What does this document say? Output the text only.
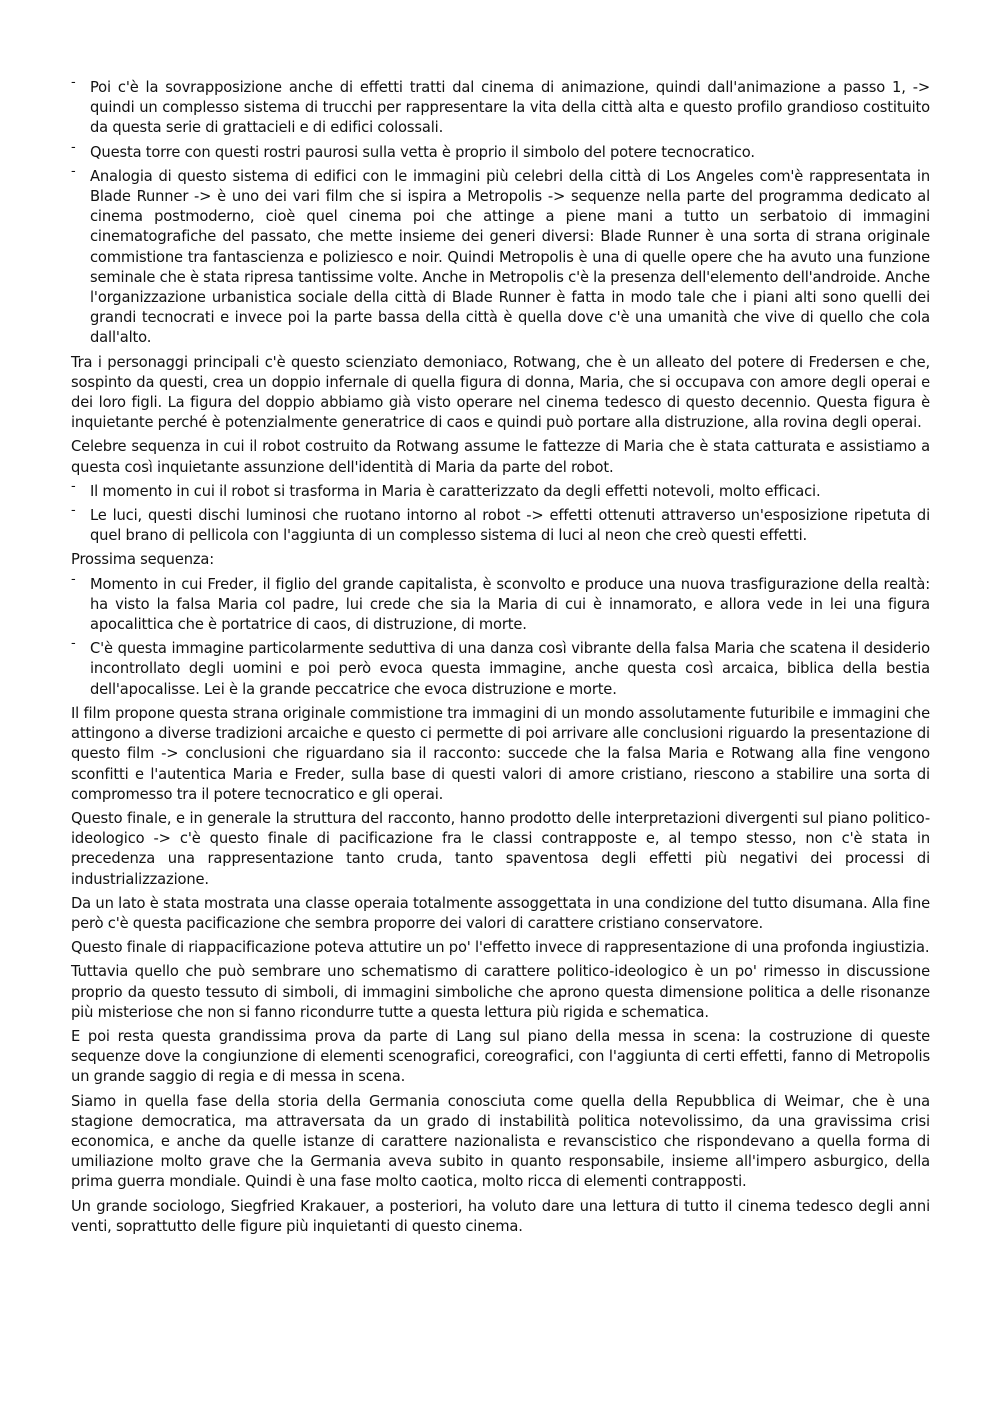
- Poi c'è la sovrapposizione anche di effetti tratti dal cinema di animazione, quindi dall'animazione a passo 1, -> quindi un complesso sistema di trucchi per rappresentare la vita della città alta e questo profilo grandioso costituito da questa serie di grattacieli e di edifici colossali.
- Questa torre con questi rostri paurosi sulla vetta è proprio il simbolo del potere tecnocratico.
- Analogia di questo sistema di edifici con le immagini più celebri della città di Los Angeles com'è rappresentata in Blade Runner -> è uno dei vari film che si ispira a Metropolis -> sequenze nella parte del programma dedicato al cinema postmoderno, cioè quel cinema poi che attinge a piene mani a tutto un serbatoio di immagini cinematografiche del passato, che mette insieme dei generi diversi: Blade Runner è una sorta di strana originale commistione tra fantascienza e poliziesco e noir. Quindi Metropolis è una di quelle opere che ha avuto una funzione seminale che è stata ripresa tantissime volte. Anche in Metropolis c'è la presenza dell'elemento dell'androide. Anche l'organizzazione urbanistica sociale della città di Blade Runner è fatta in modo tale che i piani alti sono quelli dei grandi tecnocrati e invece poi la parte bassa della città è quella dove c'è una umanità che vive di quello che cola dall'alto.

Tra i personaggi principali c'è questo scienziato demoniaco, Rotwang, che è un alleato del potere di Fredersen e che, sospinto da questi, crea un doppio infernale di quella figura di donna, Maria, che si occupava con amore degli operai e dei loro figli. La figura del doppio abbiamo già visto operare nel cinema tedesco di questo decennio. Questa figura è inquietante perché è potenzialmente generatrice di caos e quindi può portare alla distruzione, alla rovina degli operai.

Celebre sequenza in cui il robot costruito da Rotwang assume le fattezze di Maria che è stata catturata e assistiamo a questa così inquietante assunzione dell'identità di Maria da parte del robot.

- Il momento in cui il robot si trasforma in Maria è caratterizzato da degli effetti notevoli, molto efficaci.
- Le luci, questi dischi luminosi che ruotano intorno al robot -> effetti ottenuti attraverso un'esposizione ripetuta di quel brano di pellicola con l'aggiunta di un complesso sistema di luci al neon che creò questi effetti.

Prossima sequenza:

- Momento in cui Freder, il figlio del grande capitalista, è sconvolto e produce una nuova trasfigurazione della realtà: ha visto la falsa Maria col padre, lui crede che sia la Maria di cui è innamorato, e allora vede in lei una figura apocalittica che è portatrice di caos, di distruzione, di morte.
- C'è questa immagine particolarmente seduttiva di una danza così vibrante della falsa Maria che scatena il desiderio incontrollato degli uomini e poi però evoca questa immagine, anche questa così arcaica, biblica della bestia dell'apocalisse. Lei è la grande peccatrice che evoca distruzione e morte.

Il film propone questa strana originale commistione tra immagini di un mondo assolutamente futuribile e immagini che attingono a diverse tradizioni arcaiche e questo ci permette di poi arrivare alle conclusioni riguardo la presentazione di questo film -> conclusioni che riguardano sia il racconto: succede che la falsa Maria e Rotwang alla fine vengono sconfitti e l'autentica Maria e Freder, sulla base di questi valori di amore cristiano, riescono a stabilire una sorta di compromesso tra il potere tecnocratico e gli operai.

Questo finale, e in generale la struttura del racconto, hanno prodotto delle interpretazioni divergenti sul piano politico-ideologico -> c'è questo finale di pacificazione fra le classi contrapposte e, al tempo stesso, non c'è stata in precedenza una rappresentazione tanto cruda, tanto spaventosa degli effetti più negativi dei processi di industrializzazione.

Da un lato è stata mostrata una classe operaia totalmente assoggettata in una condizione del tutto disumana. Alla fine però c'è questa pacificazione che sembra proporre dei valori di carattere cristiano conservatore.

Questo finale di riappacificazione poteva attutire un po' l'effetto invece di rappresentazione di una profonda ingiustizia.

Tuttavia quello che può sembrare uno schematismo di carattere politico-ideologico è un po' rimesso in discussione proprio da questo tessuto di simboli, di immagini simboliche che aprono questa dimensione politica a delle risonanze più misteriose che non si fanno ricondurre tutte a questa lettura più rigida e schematica.

E poi resta questa grandissima prova da parte di Lang sul piano della messa in scena: la costruzione di queste sequenze dove la congiunzione di elementi scenografici, coreografici, con l'aggiunta di certi effetti, fanno di Metropolis un grande saggio di regia e di messa in scena.

Siamo in quella fase della storia della Germania conosciuta come quella della Repubblica di Weimar, che è una stagione democratica, ma attraversata da un grado di instabilità politica notevolissimo, da una gravissima crisi economica, e anche da quelle istanze di carattere nazionalista e revanscistico che rispondevano a quella forma di umiliazione molto grave che la Germania aveva subito in quanto responsabile, insieme all'impero asburgico, della prima guerra mondiale. Quindi è una fase molto caotica, molto ricca di elementi contrapposti.

Un grande sociologo, Siegfried Krakauer, a posteriori, ha voluto dare una lettura di tutto il cinema tedesco degli anni venti, soprattutto delle figure più inquietanti di questo cinema.
